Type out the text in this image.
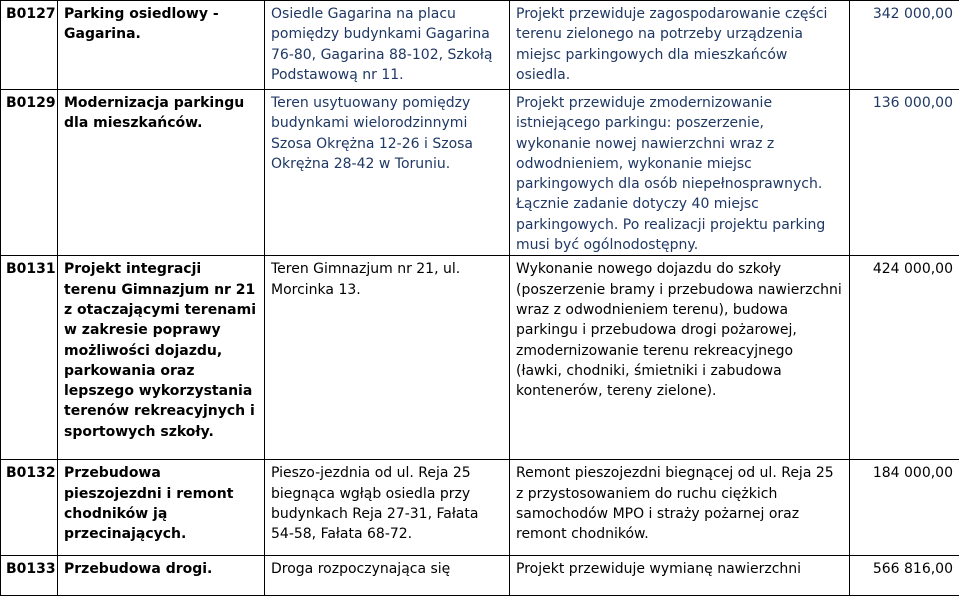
B0127	Parking osiedlowy - Gagarina.	Osiedle Gagarina na placu pomiędzy budynkami Gagarina 76-80, Gagarina 88-102, Szkołą Podstawową nr 11.	Projekt przewiduje zagospodarowanie części terenu zielonego na potrzeby urządzenia miejsc parkingowych dla mieszkańców osiedla.	342 000,00

B0129	Modernizacja parkingu dla mieszkańców.	Teren usytuowany pomiędzy budynkami wielorodzinnymi Szosa Okrężna 12-26 i Szosa Okrężna 28-42 w Toruniu.	Projekt przewiduje zmodernizowanie istniejącego parkingu: poszerzenie, wykonanie nowej nawierzchni wraz z odwodnieniem, wykonanie miejsc parkingowych dla osób niepełnosprawnych. Łącznie zadanie dotyczy 40 miejsc parkingowych. Po realizacji projektu parking musi być ogólnodostępny.	136 000,00

B0131	Projekt integracji terenu Gimnazjum nr 21 z otaczającymi terenami w zakresie poprawy możliwości dojazdu, parkowania oraz lepszego wykorzystania terenów rekreacyjnych i sportowych szkoły.	Teren Gimnazjum nr 21, ul. Morcinka 13.	Wykonanie nowego dojazdu do szkoły (poszerzenie bramy i przebudowa nawierzchni wraz z odwodnieniem terenu), budowa parkingu i przebudowa drogi pożarowej, zmodernizowanie terenu rekreacyjnego (ławki, chodniki, śmietniki i zabudowa kontenerów, tereny zielone).	424 000,00

B0132	Przebudowa pieszojezdni i remont chodników ją przecinających.	Pieszo-jezdnia od ul. Reja 25 biegnąca wgłąb osiedla przy budynkach Reja 27-31, Fałata 54-58, Fałata 68-72.	Remont pieszojezdni biegnącej od ul. Reja 25 z przystosowaniem do ruchu ciężkich samochodów MPO i straży pożarnej oraz remont chodników.	184 000,00

B0133	Przebudowa drogi.	Droga rozpoczynająca się	Projekt przewiduje wymianę nawierzchni	566 816,00
